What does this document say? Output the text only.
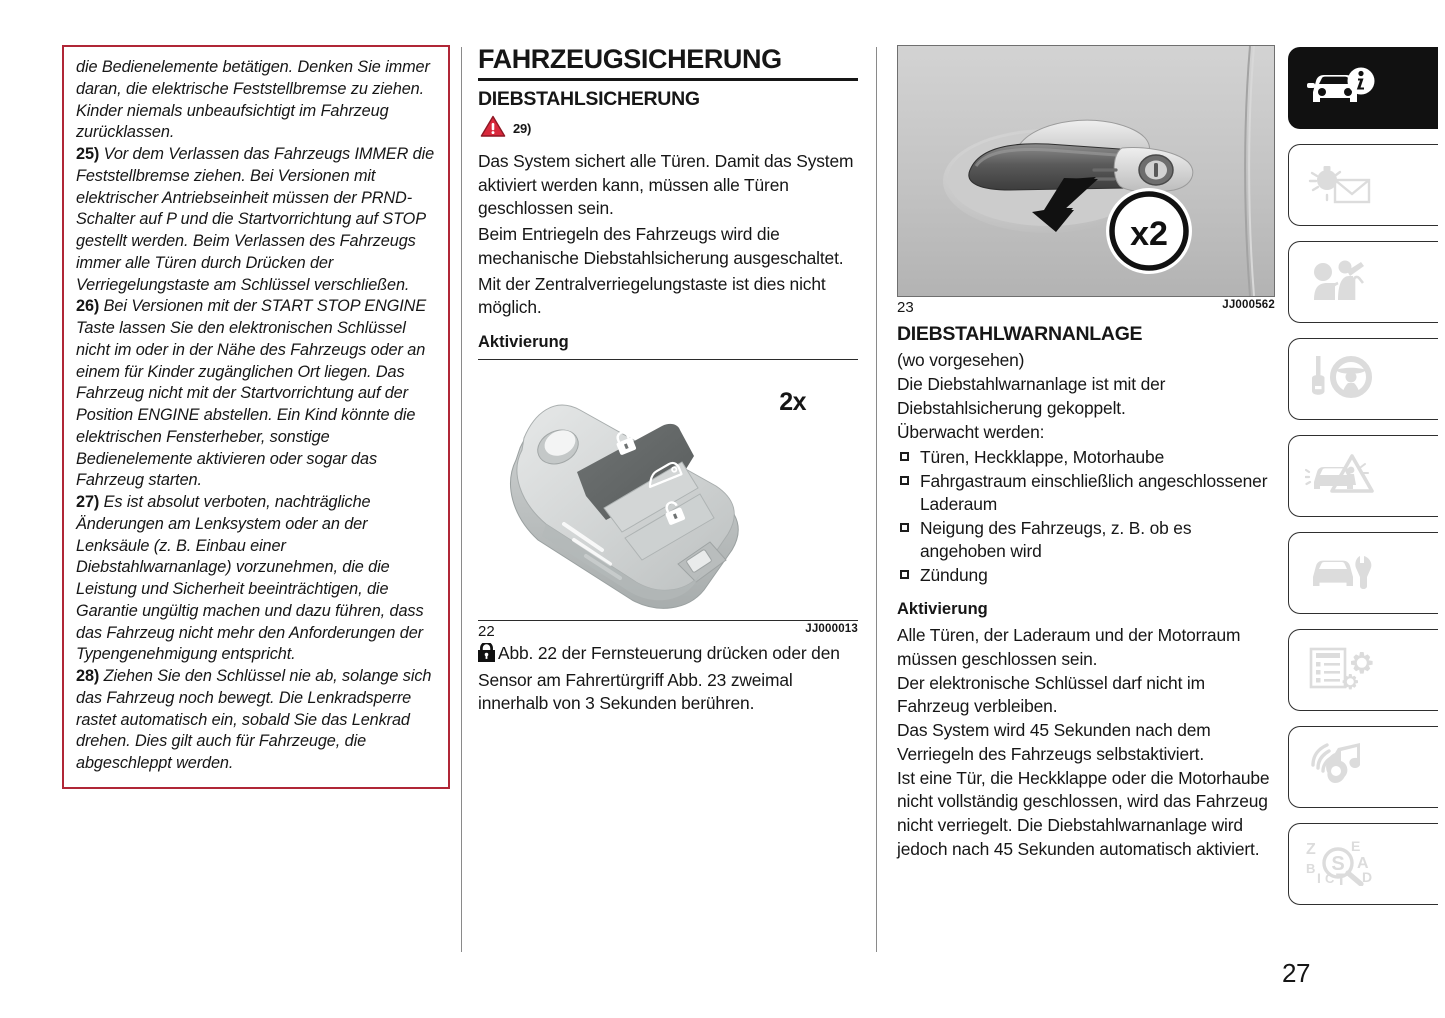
die Bedienelemente betätigen. Denken Sie immer daran, die elektrische Feststellbremse zu ziehen. Kinder niemals unbeaufsichtigt im Fahrzeug zurücklassen.

25) Vor dem Verlassen das Fahrzeugs IMMER die Feststellbremse ziehen. Bei Versionen mit elektrischer Antriebseinheit müssen der PRND-Schalter auf P und die Startvorrichtung auf STOP gestellt werden. Beim Verlassen des Fahrzeugs immer alle Türen durch Drücken der Verriegelungstaste am Schlüssel verschließen.

26) Bei Versionen mit der START STOP ENGINE Taste lassen Sie den elektronischen Schlüssel nicht im oder in der Nähe des Fahrzeugs oder an einem für Kinder zugänglichen Ort liegen. Das Fahrzeug nicht mit der Startvorrichtung auf der Position ENGINE abstellen. Ein Kind könnte die elektrischen Fensterheber, sonstige Bedienelemente aktivieren oder sogar das Fahrzeug starten.

27) Es ist absolut verboten, nachträgliche Änderungen am Lenksystem oder an der Lenksäule (z. B. Einbau einer Diebstahlwarnanlage) vorzunehmen, die die Leistung und Sicherheit beeinträchtigen, die Garantie ungültig machen und dazu führen, dass das Fahrzeug nicht mehr den Anforderungen der Typengenehmigung entspricht.

28) Ziehen Sie den Schlüssel nie ab, solange sich das Fahrzeug noch bewegt. Die Lenkradsperre rastet automatisch ein, sobald Sie das Lenkrad drehen. Dies gilt auch für Fahrzeuge, die abgeschleppt werden.

FAHRZEUGSICHERUNG
DIEBSTAHLSICHERUNG
29)

Das System sichert alle Türen. Damit das System aktiviert werden kann, müssen alle Türen geschlossen sein.

Beim Entriegeln des Fahrzeugs wird die mechanische Diebstahlsicherung ausgeschaltet.

Mit der Zentralverriegelungstaste ist dies nicht möglich.

Aktivierung
2x
22	JJ000013

Abb. 22 der Fernsteuerung drücken oder den Sensor am Fahrertürgriff Abb. 23 zweimal innerhalb von 3 Sekunden berühren.

x2
23	JJ000562
DIEBSTAHLWARNANLAGE

(wo vorgesehen)

Die Diebstahlwarnanlage ist mit der Diebstahlsicherung gekoppelt.

Überwacht werden:

Türen, Heckklappe, Motorhaube
Fahrgastraum einschließlich angeschlossener Laderaum
Neigung des Fahrzeugs, z. B. ob es angehoben wird
Zündung
Aktivierung

Alle Türen, der Laderaum und der Motorraum müssen geschlossen sein.

Der elektronische Schlüssel darf nicht im Fahrzeug verbleiben.

Das System wird 45 Sekunden nach dem Verriegeln des Fahrzeugs selbstaktiviert.

Ist eine Tür, die Heckklappe oder die Motorhaube nicht vollständig geschlossen, wird das Fahrzeug nicht verriegelt. Die Diebstahlwarnanlage wird jedoch nach 45 Sekunden automatisch aktiviert.	Z
B
I C T
E
A
D
S
27
